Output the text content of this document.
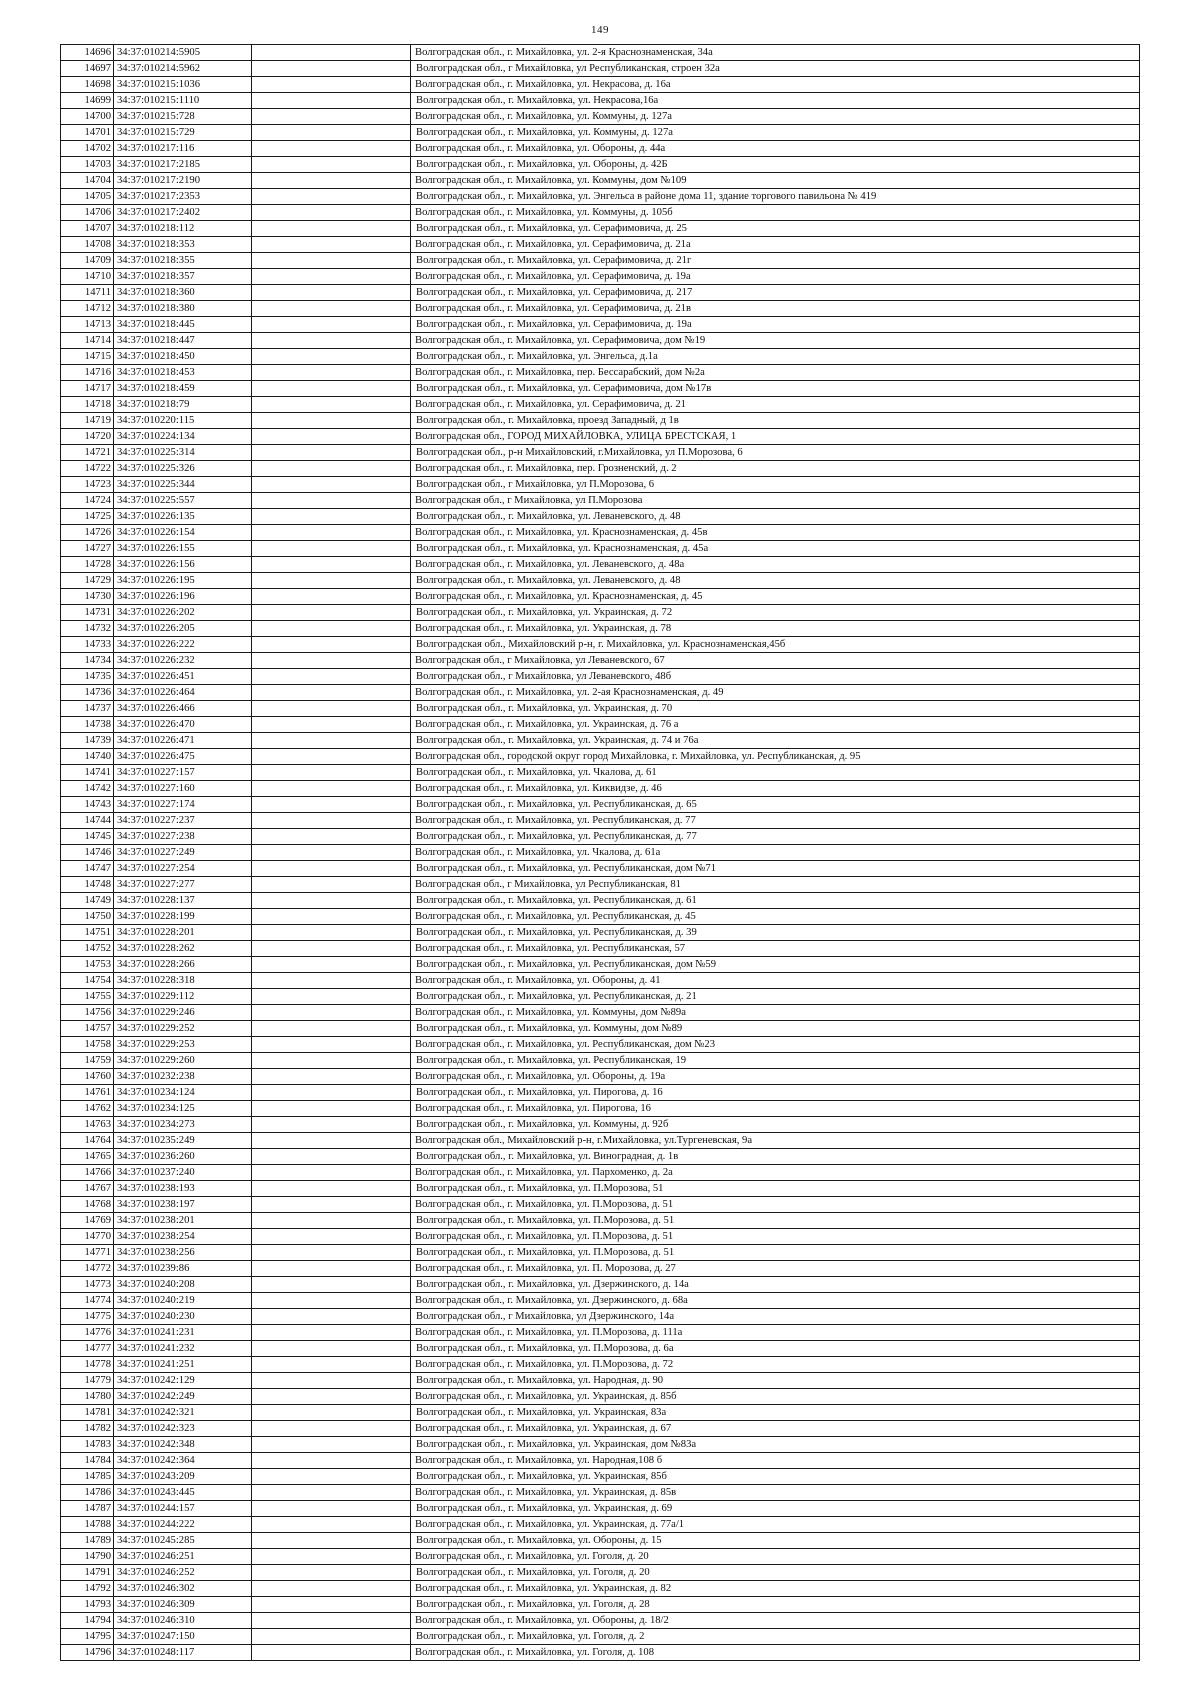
149
14696	34:37:010214:5905		Волгоградская обл., г. Михайловка, ул. 2-я Краснознаменская, 34а
14697	34:37:010214:5962		Волгоградская обл., г Михайловка, ул Республиканская, строен 32а
14698	34:37:010215:1036		Волгоградская обл., г. Михайловка, ул. Некрасова, д. 16а
14699	34:37:010215:1110		Волгоградская обл., г. Михайловка, ул. Некрасова,16а
14700	34:37:010215:728		Волгоградская обл., г. Михайловка, ул. Коммуны, д. 127а
14701	34:37:010215:729		Волгоградская обл., г. Михайловка, ул. Коммуны, д. 127а
14702	34:37:010217:116		Волгоградская обл., г. Михайловка, ул. Обороны, д. 44а
14703	34:37:010217:2185		Волгоградская обл., г. Михайловка, ул. Обороны, д. 42Б
14704	34:37:010217:2190		Волгоградская обл., г. Михайловка, ул. Коммуны, дом №109
14705	34:37:010217:2353		Волгоградская обл., г. Михайловка, ул. Энгельса в районе дома 11, здание торгового павильона № 419
14706	34:37:010217:2402		Волгоградская обл., г. Михайловка, ул. Коммуны, д. 105б
14707	34:37:010218:112		Волгоградская обл., г. Михайловка, ул. Серафимовича, д. 25
14708	34:37:010218:353		Волгоградская обл., г. Михайловка, ул. Серафимовича, д. 21а
14709	34:37:010218:355		Волгоградская обл., г. Михайловка, ул. Серафимовича, д. 21г
14710	34:37:010218:357		Волгоградская обл., г. Михайловка, ул. Серафимовича, д. 19а
14711	34:37:010218:360		Волгоградская обл., г. Михайловка, ул. Серафимовича, д. 217
14712	34:37:010218:380		Волгоградская обл., г. Михайловка, ул. Серафимовича, д. 21в
14713	34:37:010218:445		Волгоградская обл., г. Михайловка, ул. Серафимовича, д. 19а
14714	34:37:010218:447		Волгоградская обл., г. Михайловка, ул. Серафимовича, дом №19
14715	34:37:010218:450		Волгоградская обл., г. Михайловка, ул. Энгельса, д.1а
14716	34:37:010218:453		Волгоградская обл., г. Михайловка, пер. Бессарабский, дом №2а
14717	34:37:010218:459		Волгоградская обл., г. Михайловка, ул. Серафимовича, дом №17в
14718	34:37:010218:79		Волгоградская обл., г. Михайловка, ул. Серафимовича, д. 21
14719	34:37:010220:115		Волгоградская обл., г. Михайловка, проезд Западный, д 1в
14720	34:37:010224:134		Волгоградская обл., ГОРОД МИХАЙЛОВКА, УЛИЦА БРЕСТСКАЯ, 1
14721	34:37:010225:314		Волгоградская обл., р-н Михайловский, г.Михайловка, ул П.Морозова, 6
14722	34:37:010225:326		Волгоградская обл., г. Михайловка, пер. Грозненский, д. 2
14723	34:37:010225:344		Волгоградская обл., г Михайловка, ул П.Морозова, 6
14724	34:37:010225:557		Волгоградская обл., г Михайловка, ул П.Морозова
14725	34:37:010226:135		Волгоградская обл., г. Михайловка, ул. Леваневского, д. 48
14726	34:37:010226:154		Волгоградская обл., г. Михайловка, ул. Краснознаменская, д. 45в
14727	34:37:010226:155		Волгоградская обл., г. Михайловка, ул. Краснознаменская, д. 45а
14728	34:37:010226:156		Волгоградская обл., г. Михайловка, ул. Леваневского, д. 48а
14729	34:37:010226:195		Волгоградская обл., г. Михайловка, ул. Леваневского, д. 48
14730	34:37:010226:196		Волгоградская обл., г. Михайловка, ул. Краснознаменская, д. 45
14731	34:37:010226:202		Волгоградская обл., г. Михайловка, ул. Украинская, д. 72
14732	34:37:010226:205		Волгоградская обл., г. Михайловка, ул. Украинская, д. 78
14733	34:37:010226:222		Волгоградская обл., Михайловский р-н, г. Михайловка, ул. Краснознаменская,45б
14734	34:37:010226:232		Волгоградская обл., г Михайловка, ул Леваневского, 67
14735	34:37:010226:451		Волгоградская обл., г Михайловка, ул Леваневского, 48б
14736	34:37:010226:464		Волгоградская обл., г. Михайловка, ул. 2-ая Краснознаменская, д. 49
14737	34:37:010226:466		Волгоградская обл., г. Михайловка, ул. Украинская, д. 70
14738	34:37:010226:470		Волгоградская обл., г. Михайловка, ул. Украинская, д. 76 а
14739	34:37:010226:471		Волгоградская обл., г. Михайловка, ул. Украинская, д. 74 и 76а
14740	34:37:010226:475		Волгоградская обл., городской округ город Михайловка, г. Михайловка, ул. Республиканская, д. 95
14741	34:37:010227:157		Волгоградская обл., г. Михайловка, ул. Чкалова, д. 61
14742	34:37:010227:160		Волгоградская обл., г. Михайловка, ул. Киквидзе, д. 46
14743	34:37:010227:174		Волгоградская обл., г. Михайловка, ул. Республиканская, д. 65
14744	34:37:010227:237		Волгоградская обл., г. Михайловка, ул. Республиканская, д. 77
14745	34:37:010227:238		Волгоградская обл., г. Михайловка, ул. Республиканская, д. 77
14746	34:37:010227:249		Волгоградская обл., г. Михайловка, ул. Чкалова, д. 61а
14747	34:37:010227:254		Волгоградская обл., г. Михайловка, ул. Республиканская, дом №71
14748	34:37:010227:277		Волгоградская обл., г Михайловка, ул Республиканская, 81
14749	34:37:010228:137		Волгоградская обл., г. Михайловка, ул. Республиканская, д. 61
14750	34:37:010228:199		Волгоградская обл., г. Михайловка, ул. Республиканская, д. 45
14751	34:37:010228:201		Волгоградская обл., г. Михайловка, ул. Республиканская, д. 39
14752	34:37:010228:262		Волгоградская обл., г. Михайловка, ул. Республиканская, 57
14753	34:37:010228:266		Волгоградская обл., г. Михайловка, ул. Республиканская, дом №59
14754	34:37:010228:318		Волгоградская обл., г. Михайловка, ул. Обороны, д. 41
14755	34:37:010229:112		Волгоградская обл., г. Михайловка, ул. Республиканская, д. 21
14756	34:37:010229:246		Волгоградская обл., г. Михайловка, ул. Коммуны, дом №89а
14757	34:37:010229:252		Волгоградская обл., г. Михайловка, ул. Коммуны, дом №89
14758	34:37:010229:253		Волгоградская обл., г. Михайловка, ул. Республиканская, дом №23
14759	34:37:010229:260		Волгоградская обл., г. Михайловка, ул. Республиканская, 19
14760	34:37:010232:238		Волгоградская обл., г. Михайловка, ул. Обороны, д. 19а
14761	34:37:010234:124		Волгоградская обл., г. Михайловка, ул. Пирогова, д. 16
14762	34:37:010234:125		Волгоградская обл., г. Михайловка, ул. Пирогова, 16
14763	34:37:010234:273		Волгоградская обл., г. Михайловка, ул. Коммуны, д. 92б
14764	34:37:010235:249		Волгоградская обл., Михайловский р-н, г.Михайловка, ул.Тургеневская, 9а
14765	34:37:010236:260		Волгоградская обл., г. Михайловка, ул. Виноградная, д. 1в
14766	34:37:010237:240		Волгоградская обл., г. Михайловка, ул. Пархоменко, д. 2а
14767	34:37:010238:193		Волгоградская обл., г. Михайловка, ул. П.Морозова, 51
14768	34:37:010238:197		Волгоградская обл., г. Михайловка, ул. П.Морозова, д. 51
14769	34:37:010238:201		Волгоградская обл., г. Михайловка, ул. П.Морозова, д. 51
14770	34:37:010238:254		Волгоградская обл., г. Михайловка, ул. П.Морозова, д. 51
14771	34:37:010238:256		Волгоградская обл., г. Михайловка, ул. П.Морозова, д. 51
14772	34:37:010239:86		Волгоградская обл., г. Михайловка, ул. П. Морозова, д. 27
14773	34:37:010240:208		Волгоградская обл., г. Михайловка, ул. Дзержинского, д. 14а
14774	34:37:010240:219		Волгоградская обл., г. Михайловка, ул. Дзержинского, д. 68а
14775	34:37:010240:230		Волгоградская обл., г Михайловка, ул Дзержинского, 14а
14776	34:37:010241:231		Волгоградская обл., г. Михайловка, ул. П.Морозова, д. 111а
14777	34:37:010241:232		Волгоградская обл., г. Михайловка, ул. П.Морозова, д. 6а
14778	34:37:010241:251		Волгоградская обл., г. Михайловка, ул. П.Морозова, д. 72
14779	34:37:010242:129		Волгоградская обл., г. Михайловка, ул. Народная, д. 90
14780	34:37:010242:249		Волгоградская обл., г. Михайловка, ул. Украинская, д. 85б
14781	34:37:010242:321		Волгоградская обл., г. Михайловка, ул. Украинская, 83а
14782	34:37:010242:323		Волгоградская обл., г. Михайловка, ул. Украинская, д. 67
14783	34:37:010242:348		Волгоградская обл., г. Михайловка, ул. Украинская, дом №83а
14784	34:37:010242:364		Волгоградская обл., г. Михайловка, ул. Народная,108 б
14785	34:37:010243:209		Волгоградская обл., г. Михайловка, ул. Украинская, 85б
14786	34:37:010243:445		Волгоградская обл., г. Михайловка, ул. Украинская, д. 85в
14787	34:37:010244:157		Волгоградская обл., г. Михайловка, ул. Украинская, д. 69
14788	34:37:010244:222		Волгоградская обл., г. Михайловка, ул. Украинская, д. 77а/1
14789	34:37:010245:285		Волгоградская обл., г. Михайловка, ул. Обороны, д. 15
14790	34:37:010246:251		Волгоградская обл., г. Михайловка, ул. Гоголя, д. 20
14791	34:37:010246:252		Волгоградская обл., г. Михайловка, ул. Гоголя, д. 20
14792	34:37:010246:302		Волгоградская обл., г. Михайловка, ул. Украинская, д. 82
14793	34:37:010246:309		Волгоградская обл., г. Михайловка, ул. Гоголя, д. 28
14794	34:37:010246:310		Волгоградская обл., г. Михайловка, ул. Обороны, д. 18/2
14795	34:37:010247:150		Волгоградская обл., г. Михайловка, ул. Гоголя, д. 2
14796	34:37:010248:117		Волгоградская обл., г. Михайловка, ул. Гоголя, д. 108
